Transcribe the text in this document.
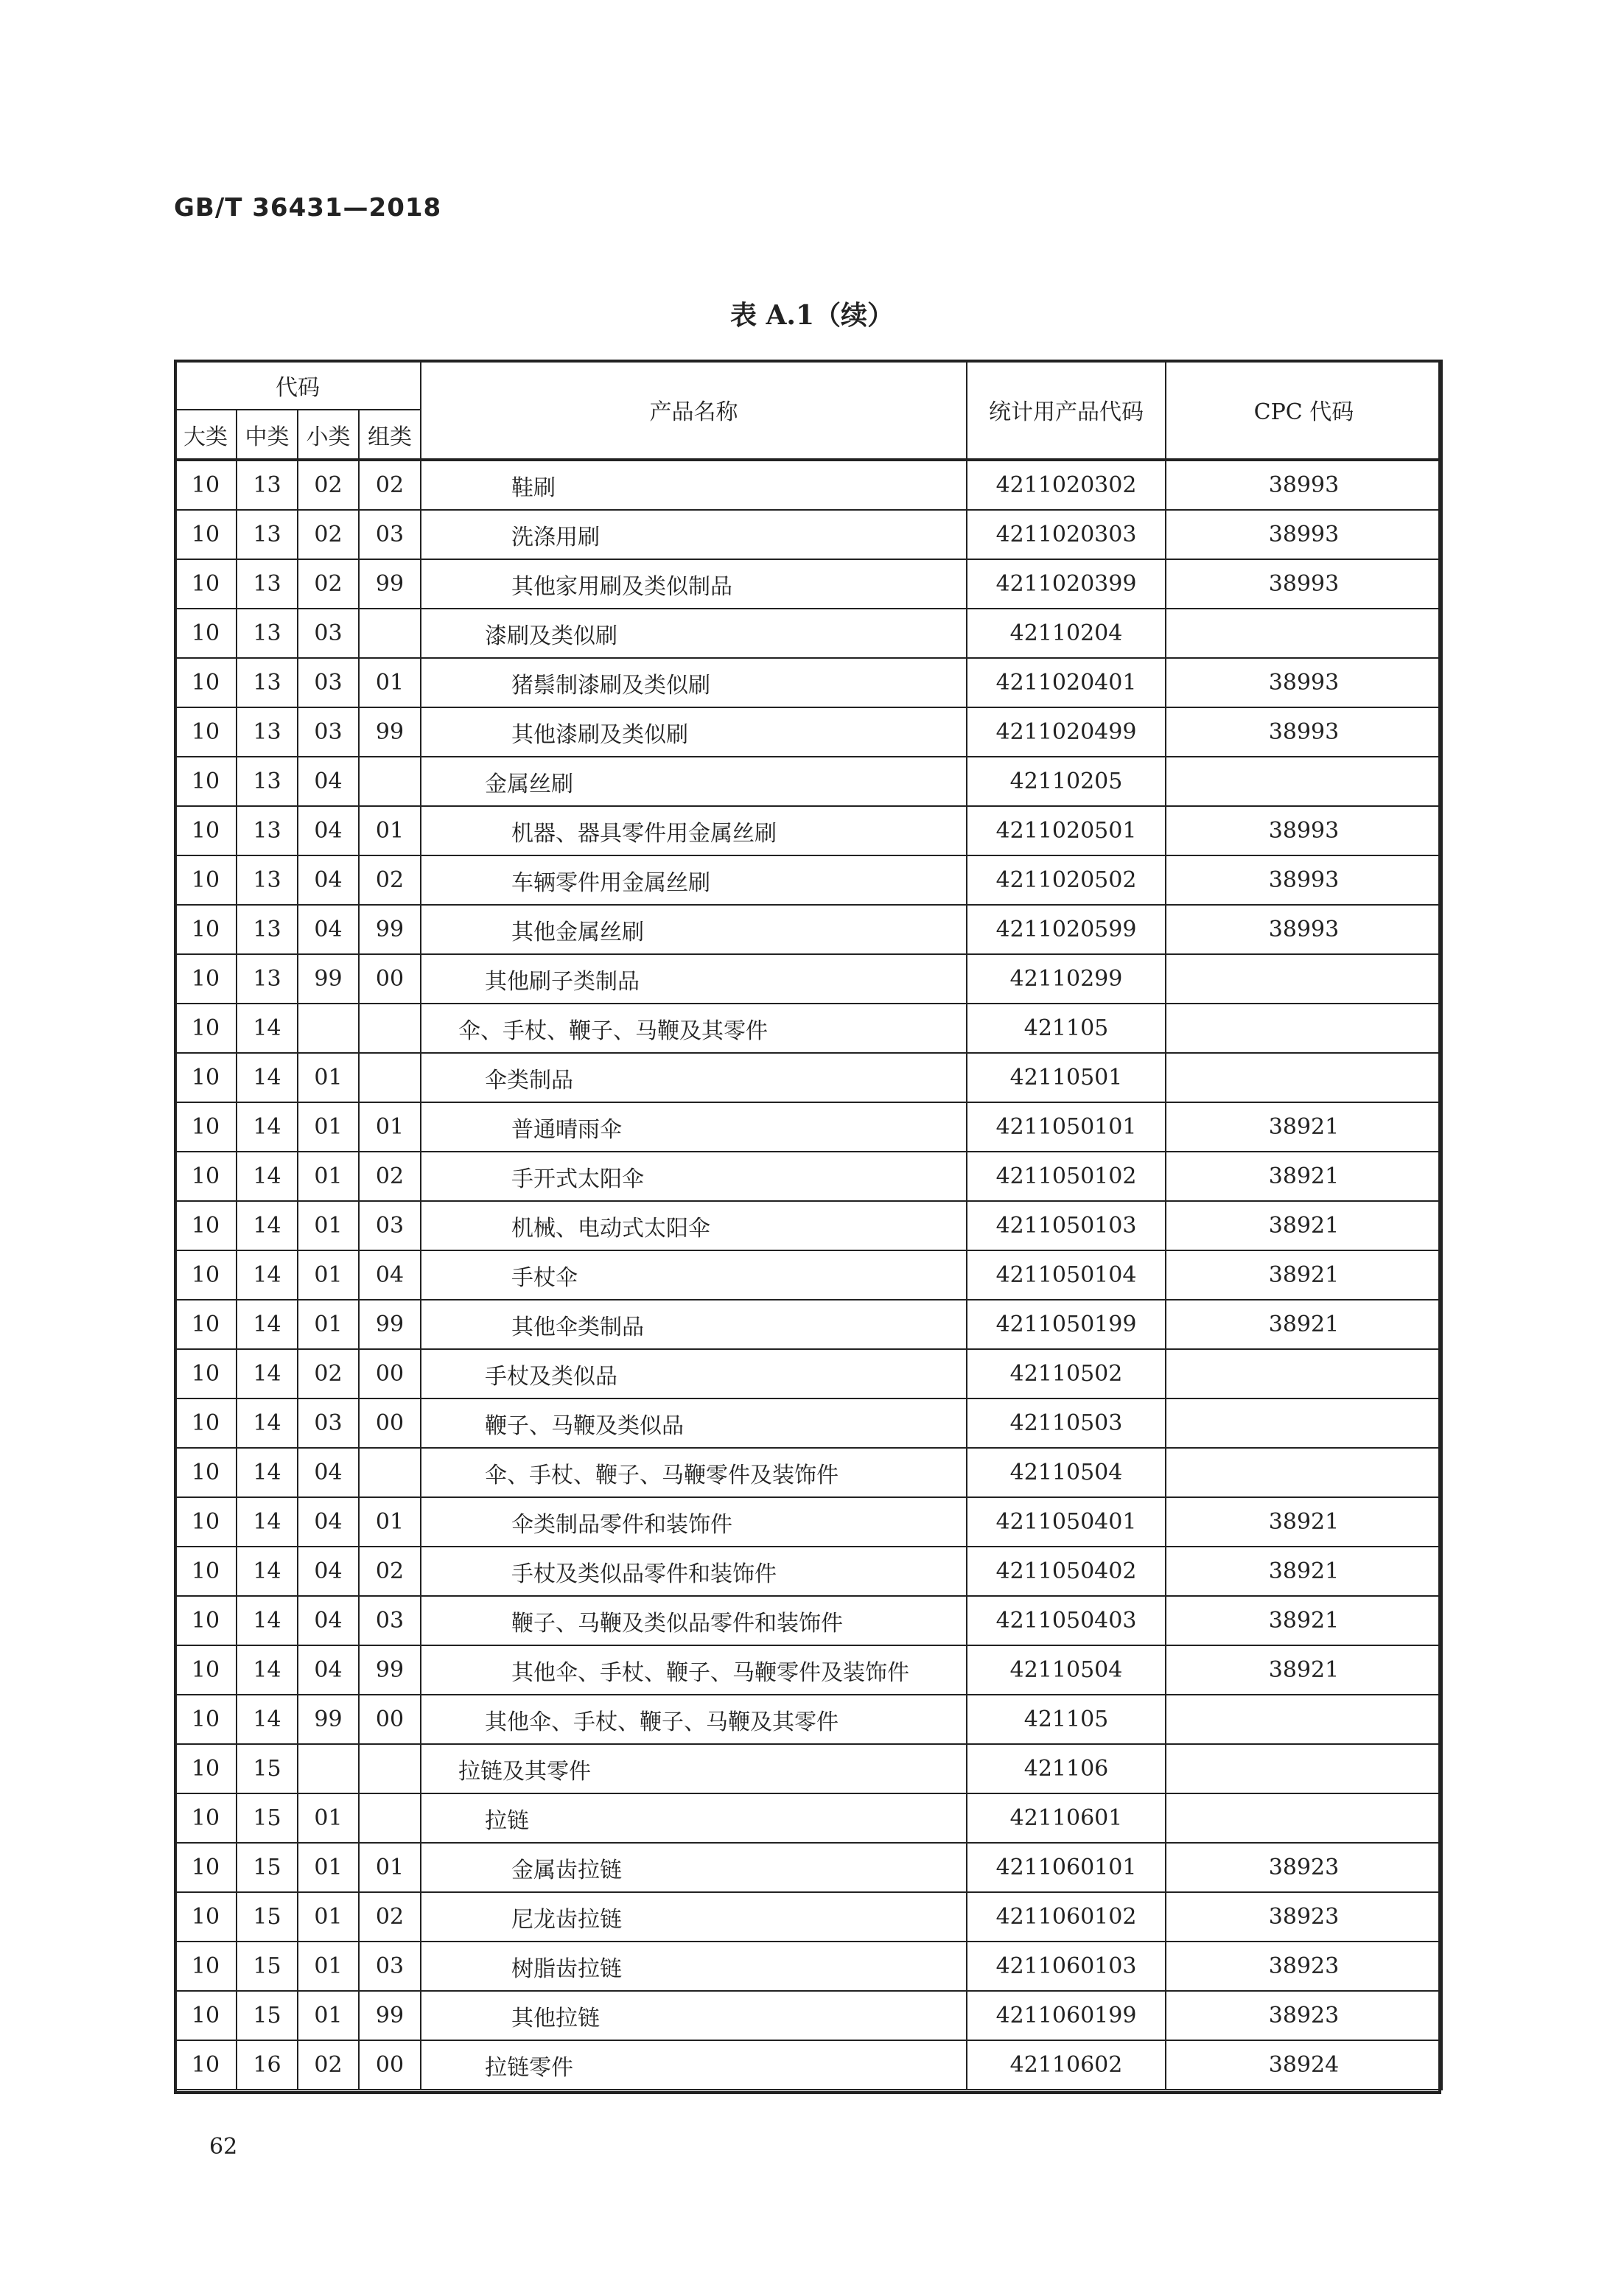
GB/T 36431—2018

表 A.1（续）

代码				产品名称	统计用产品代码	CPC 代码
大类	中类	小类	组类			
10	13	02	02	鞋刷	4211020302	38993
10	13	02	03	洗涤用刷	4211020303	38993
10	13	02	99	其他家用刷及类似制品	4211020399	38993
10	13	03		漆刷及类似刷	42110204	
10	13	03	01	猪鬃制漆刷及类似刷	4211020401	38993
10	13	03	99	其他漆刷及类似刷	4211020499	38993
10	13	04		金属丝刷	42110205	
10	13	04	01	机器、器具零件用金属丝刷	4211020501	38993
10	13	04	02	车辆零件用金属丝刷	4211020502	38993
10	13	04	99	其他金属丝刷	4211020599	38993
10	13	99	00	其他刷子类制品	42110299	
10	14			伞、手杖、鞭子、马鞭及其零件	421105	
10	14	01		伞类制品	42110501	
10	14	01	01	普通晴雨伞	4211050101	38921
10	14	01	02	手开式太阳伞	4211050102	38921
10	14	01	03	机械、电动式太阳伞	4211050103	38921
10	14	01	04	手杖伞	4211050104	38921
10	14	01	99	其他伞类制品	4211050199	38921
10	14	02	00	手杖及类似品	42110502	
10	14	03	00	鞭子、马鞭及类似品	42110503	
10	14	04		伞、手杖、鞭子、马鞭零件及装饰件	42110504	
10	14	04	01	伞类制品零件和装饰件	4211050401	38921
10	14	04	02	手杖及类似品零件和装饰件	4211050402	38921
10	14	04	03	鞭子、马鞭及类似品零件和装饰件	4211050403	38921
10	14	04	99	其他伞、手杖、鞭子、马鞭零件及装饰件	42110504	38921
10	14	99	00	其他伞、手杖、鞭子、马鞭及其零件	421105	
10	15			拉链及其零件	421106	
10	15	01		拉链	42110601	
10	15	01	01	金属齿拉链	4211060101	38923
10	15	01	02	尼龙齿拉链	4211060102	38923
10	15	01	03	树脂齿拉链	4211060103	38923
10	15	01	99	其他拉链	4211060199	38923
10	16	02	00	拉链零件	42110602	38924

62
